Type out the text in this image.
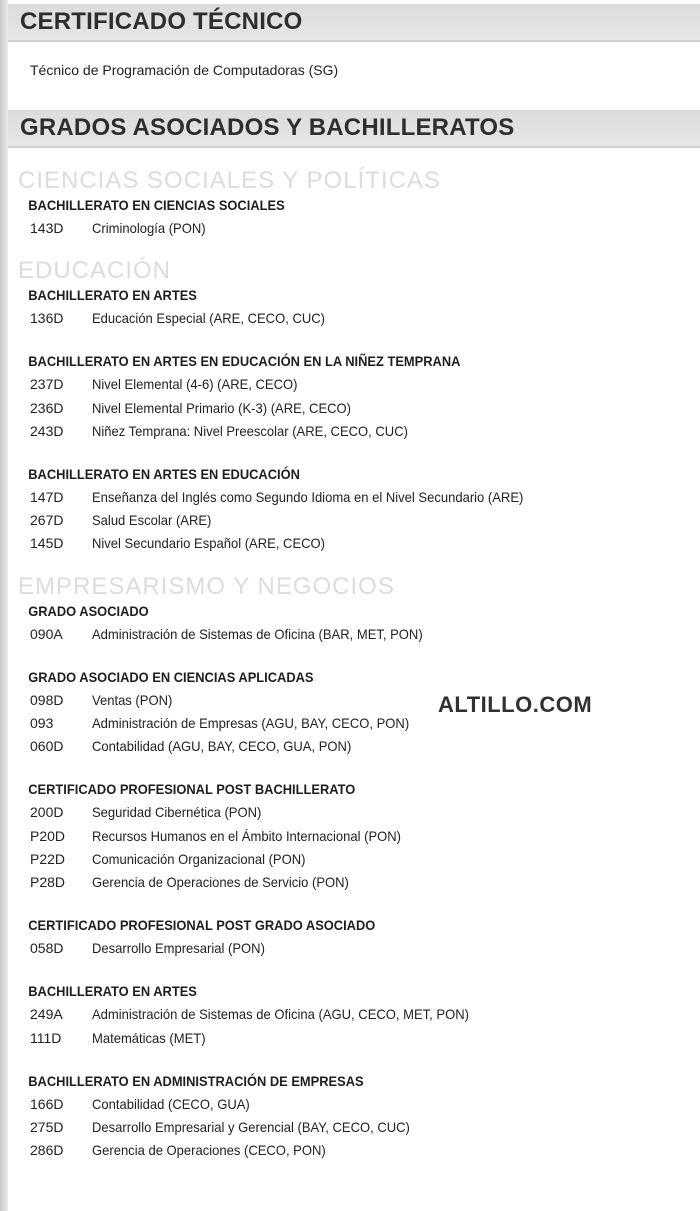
CERTIFICADO TÉCNICO
Técnico de Programación de Computadoras (SG)
GRADOS ASOCIADOS Y BACHILLERATOS
CIENCIAS SOCIALES Y POLÍTICAS
BACHILLERATO EN CIENCIAS SOCIALES
143D	Criminología (PON)
EDUCACIÓN
BACHILLERATO EN ARTES
136D	Educación Especial (ARE, CECO, CUC)
BACHILLERATO EN ARTES EN EDUCACIÓN EN LA NIÑEZ TEMPRANA
237D	Nivel Elemental (4-6) (ARE, CECO)
236D	Nivel Elemental Primario (K-3) (ARE, CECO)
243D	Niñez Temprana: Nivel Preescolar (ARE, CECO, CUC)
BACHILLERATO EN ARTES EN EDUCACIÓN
147D	Enseñanza del Inglés como Segundo Idioma en el Nivel Secundario (ARE)
267D	Salud Escolar (ARE)
145D	Nivel Secundario Español (ARE, CECO)
EMPRESARISMO Y NEGOCIOS
GRADO ASOCIADO
090A	Administración de Sistemas de Oficina (BAR, MET, PON)
GRADO ASOCIADO EN CIENCIAS APLICADAS
098D	Ventas (PON)
093	Administración de Empresas (AGU, BAY, CECO, PON)
060D	Contabilidad (AGU, BAY, CECO, GUA, PON)
CERTIFICADO PROFESIONAL POST BACHILLERATO
200D	Seguridad Cibernética (PON)
P20D	Recursos Humanos en el Ámbito Internacional (PON)
P22D	Comunicación Organizacional (PON)
P28D	Gerencia de Operaciones de Servicio (PON)
CERTIFICADO PROFESIONAL POST GRADO ASOCIADO
058D	Desarrollo Empresarial (PON)
BACHILLERATO EN ARTES
249A	Administración de Sistemas de Oficina (AGU, CECO, MET, PON)
111D	Matemáticas (MET)
BACHILLERATO EN ADMINISTRACIÓN DE EMPRESAS
166D	Contabilidad (CECO, GUA)
275D	Desarrollo Empresarial y Gerencial (BAY, CECO, CUC)
286D	Gerencia de Operaciones (CECO, PON)
ALTILLO.COM
